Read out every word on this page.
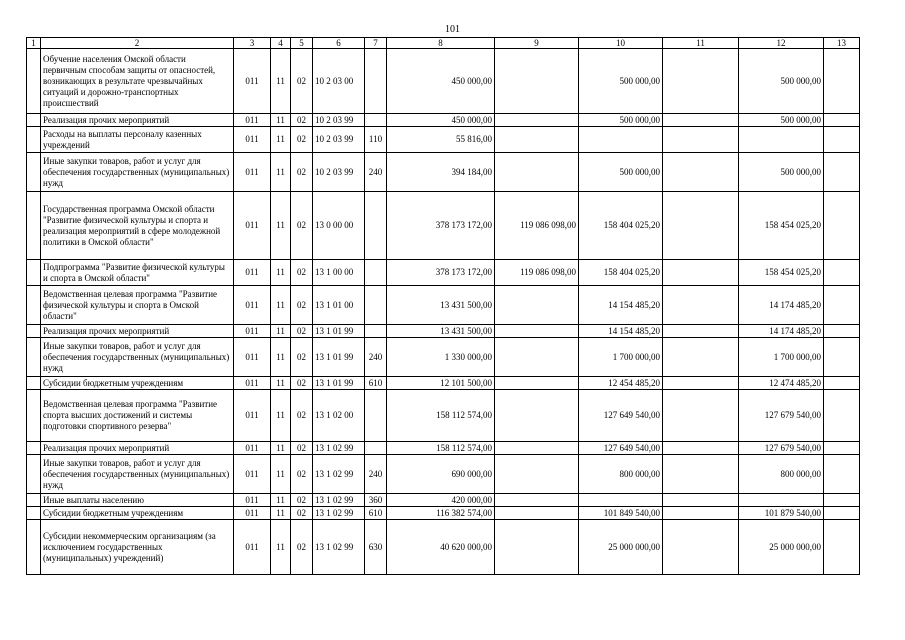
101
1	2	3	4	5	6	7	8	9	10	11	12	13
	Обучение населения Омской области первичным способам защиты от опасностей, возникающих в результате чрезвычайных ситуаций и дорожно-транспортных происшествий	011	11	02	10 2 03 00		450 000,00		500 000,00		500 000,00	
	Реализация прочих мероприятий	011	11	02	10 2 03 99		450 000,00		500 000,00		500 000,00	
	Расходы на выплаты персоналу казенных учреждений	011	11	02	10 2 03 99	110	55 816,00					
	Иные закупки товаров, работ и услуг для обеспечения государственных (муниципальных) нужд	011	11	02	10 2 03 99	240	394 184,00		500 000,00		500 000,00	
	Государственная программа Омской области "Развитие физической культуры и спорта и реализация мероприятий в сфере молодежной политики в Омской области"	011	11	02	13 0 00 00		378 173 172,00	119 086 098,00	158 404 025,20		158 454 025,20	
	Подпрограмма "Развитие физической культуры и спорта в Омской области"	011	11	02	13 1 00 00		378 173 172,00	119 086 098,00	158 404 025,20		158 454 025,20	
	Ведомственная целевая программа "Развитие физической культуры и спорта в Омской области"	011	11	02	13 1 01 00		13 431 500,00		14 154 485,20		14 174 485,20	
	Реализация прочих мероприятий	011	11	02	13 1 01 99		13 431 500,00		14 154 485,20		14 174 485,20	
	Иные закупки товаров, работ и услуг для обеспечения государственных (муниципальных) нужд	011	11	02	13 1 01 99	240	1 330 000,00		1 700 000,00		1 700 000,00	
	Субсидии бюджетным учреждениям	011	11	02	13 1 01 99	610	12 101 500,00		12 454 485,20		12 474 485,20	
	Ведомственная целевая программа "Развитие спорта высших достижений и системы подготовки спортивного резерва"	011	11	02	13 1 02 00		158 112 574,00		127 649 540,00		127 679 540,00	
	Реализация прочих мероприятий	011	11	02	13 1 02 99		158 112 574,00		127 649 540,00		127 679 540,00	
	Иные закупки товаров, работ и услуг для обеспечения государственных (муниципальных) нужд	011	11	02	13 1 02 99	240	690 000,00		800 000,00		800 000,00	
	Иные выплаты населению	011	11	02	13 1 02 99	360	420 000,00					
	Субсидии бюджетным учреждениям	011	11	02	13 1 02 99	610	116 382 574,00		101 849 540,00		101 879 540,00	
	Субсидии некоммерческим организациям (за исключением государственных (муниципальных) учреждений)	011	11	02	13 1 02 99	630	40 620 000,00		25 000 000,00		25 000 000,00	
